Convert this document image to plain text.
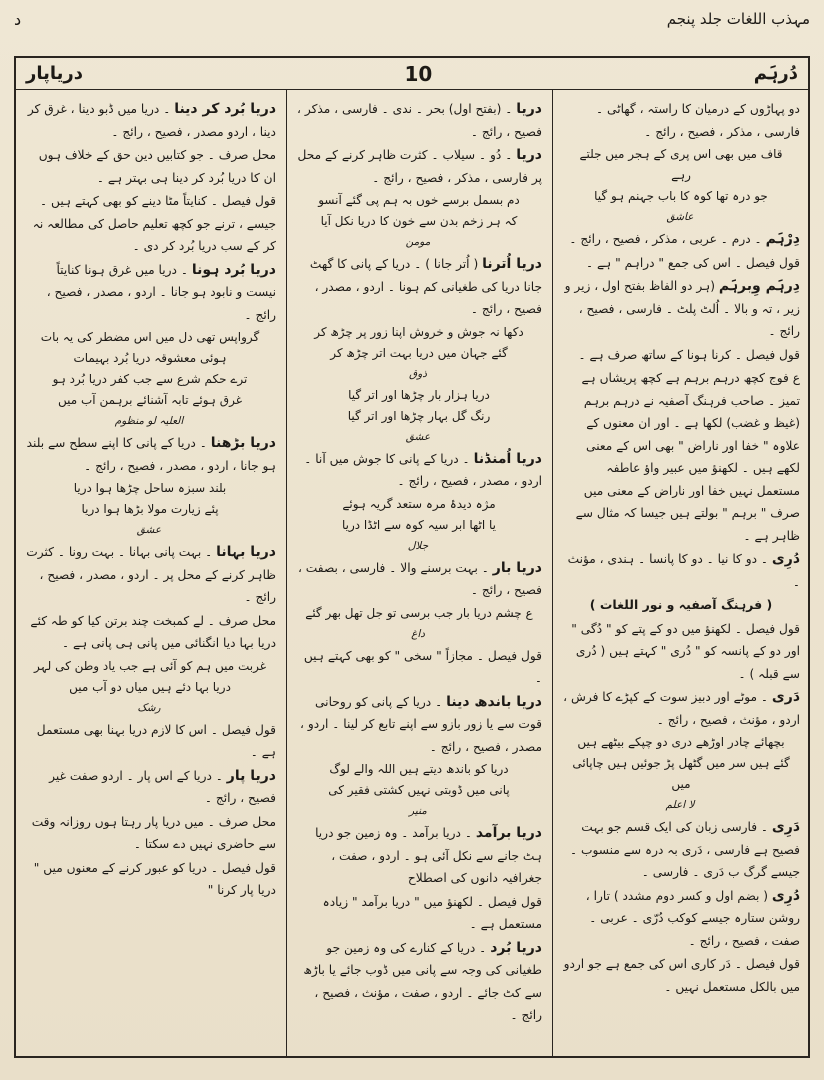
مہذب اللغات جلد پنجم
د
دُرہَم
10
دریاپار
دو پہاڑوں کے درمیان کا راستہ ، گھاٹی ۔ فارسی ، مذکر ، فصیح ، رائج ۔
قاف میں بھی اس پری کے ہجر میں جلتے رہے
جو درہ تھا کوہ کا باب جہنم ہو گیا
عاشق
دِرْہَم ۔ درم ۔ عربی ، مذکر ، فصیح ، رائج ۔
قول فیصل ۔ اس کی جمع " دراہم " ہے ۔
دِرہَم وِبرہَم (ہر دو الفاظ بفتح اول ، زیر و زیر ، تہ و بالا ۔ اُلٹ پلٹ ۔ فارسی ، فصیح ، رائج ۔
قول فیصل ۔ کرنا ہونا کے ساتھ صرف ہے ۔
ع فوج کچھ درہم برہم ہے کچھ پریشاں ہے تمیز ۔ صاحب فرہنگ آصفیہ نے درہم برہم (غیظ و غضب) لکھا ہے ۔ اور ان معنوں کے علاوہ " خفا اور ناراض " بھی اس کے معنی لکھے ہیں ۔ لکھنؤ میں عبیر واؤ عاطفہ مستعمل نہیں خفا اور ناراض کے معنی میں صرف " برہم " بولتے ہیں جیسا کہ مثال سے ظاہر ہے ۔
دُرِی ۔ دو کا نیا ۔ دو کا پانسا ۔ ہندی ، مؤنث ۔
( فرہنگ آصفیہ و نور اللغات )
قول فیصل ۔ لکھنؤ میں دو کے پتے کو " دُگی " اور دو کے پانسہ کو " دُری " کہتے ہیں ( دُری سے قبلہ ) ۔
دَری ۔ موٹے اور دبیز سوت کے کپڑے کا فرش ، اردو ، مؤنث ، فصیح ، رائج ۔
بچھائے چادر اوڑھے دری دو چپکے بیٹھے ہیں
گئے ہیں سر میں گٹھل پڑ جوئیں ہیں چاپائی میں
لا اعلم
دَرِی ۔ فارسی زبان کی ایک قسم جو بہت فصیح ہے فارسی ، دَری بہ درہ سے منسوب ۔ جیسے گرگ ب دَری ۔ فارسی ۔
دُرِی ( بضم اول و کسر دوم مشدد ) تارا ، روشن ستارہ جیسے کوکب دُرّی ۔ عربی ۔ صفت ، فصیح ، رائج ۔
قول فیصل ۔ دَر کاری اس کی جمع ہے جو اردو میں بالکل مستعمل نہیں ۔
دریا ۔ (بفتح اول) بحر ۔ ندی ۔ فارسی ، مذکر ، فصیح ، رائج ۔
دریا ۔ دُو ۔ سیلاب ۔ کثرت ظاہر کرنے کے محل پر فارسی ، مذکر ، فصیح ، رائج ۔
دم بسمل برسے خوں بہ ہم پی گئے آنسو
کہ ہر زخم بدن سے خون کا دریا نکل آیا
مومن
دریا اُترنا ( اُتر جانا ) ۔ دریا کے پانی کا گھٹ جانا دریا کی طغیانی کم ہونا ۔ اردو ، مصدر ، فصیح ، رائج ۔
دکھا نہ جوش و خروش اپنا زور پر چڑھ کر
گئے جہان میں دریا بہت اتر چڑھ کر
ذوق
دریا ہزار بار چڑھا اور اتر گیا
رنگ گل بہار چڑھا اور اتر گیا
عشق
دریا اُمنڈنا ۔ دریا کے پانی کا جوش میں آنا ۔ اردو ، مصدر ، فصیح ، رائج ۔
مژہ دیدۂ مرہ ستعد گریہ ہوئے
یا اٹھا ابر سیہ کوہ سے اٹڈا دریا
جلال
دریا بار ۔ بہت برسنے والا ۔ فارسی ، بصفت ، فصیح ، رائج ۔
ع چشم دریا بار جب برسی تو جل تھل بھر گئے
داغ
قول فیصل ۔ مجازاً " سخی " کو بھی کہتے ہیں ۔
دریا باندھ دینا ۔ دریا کے پانی کو روحانی قوت سے یا زور بازو سے اپنے تابع کر لینا ۔ اردو ، مصدر ، فصیح ، رائج ۔
دریا کو باندھ دیتے ہیں اللہ والے لوگ
پانی میں ڈوبتی نہیں کشتی فقیر کی
منیر
دریا برآمد ۔ دریا برآمد ۔ وہ زمین جو دریا ہٹ جانے سے نکل آئی ہو ۔ اردو ، صفت ، جغرافیہ دانوں کی اصطلاح
قول فیصل ۔ لکھنؤ میں " دریا برآمد " زیادہ مستعمل ہے ۔
دریا بُرد ۔ دریا کے کنارے کی وہ زمین جو طغیانی کی وجہ سے پانی میں ڈوب جائے یا باڑھ سے کٹ جائے ۔ اردو ، صفت ، مؤنث ، فصیح ، رائج ۔
دریا بُرد کر دینا ۔ دریا میں ڈبو دینا ، غرق کر دینا ، اردو مصدر ، فصیح ، رائج ۔
محل صرف ۔ جو کتابیں دین حق کے خلاف ہوں ان کا دریا بُرد کر دینا ہی بہتر ہے ۔
قول فیصل ۔ کنایتاً مٹا دینے کو بھی کہتے ہیں ۔ جیسے ، ترنے جو کچھ تعلیم حاصل کی مطالعہ نہ کر کے سب دریا بُرد کر دی ۔
دریا بُرد ہونا ۔ دریا میں غرق ہونا کنایتاً نیست و نابود ہو جانا ۔ اردو ، مصدر ، فصیح ، رائج ۔
گرواپس تھی دل میں اس مضطر کی یہ بات
ہوئی معشوقہ دریا بُرد بہیمات
ترے حکم شرع سے جب کفر دریا بُرد ہو
غرق ہوئے تابہ آشنائے برہمن آب میں
العلیہ لو منظوم
دریا بڑھنا ۔ دریا کے پانی کا اپنے سطح سے بلند ہو جانا ، اردو ، مصدر ، فصیح ، رائج ۔
بلند سبزہ ساحل چڑھا ہوا دریا
پئے زیارت مولا بڑھا ہوا دریا
عشق
دریا بہانا ۔ بہت پانی بہانا ۔ بہت رونا ۔ کثرت ظاہر کرنے کے محل پر ۔ اردو ، مصدر ، فصیح ، رائج ۔
محل صرف ۔ لے کمبخت چند برتن کیا کو طہ کئے دریا بہا دیا انگنائی میں پانی ہی پانی ہے ۔
غربت میں ہم کو آئی ہے جب یاد وطن کی لہر
دریا بہا دئے ہیں میاں دو آب میں
رشک
قول فیصل ۔ اس کا لازم دریا بہنا بھی مستعمل ہے ۔
دریا پار ۔ دریا کے اس پار ۔ اردو صفت غیر فصیح ، رائج ۔
محل صرف ۔ میں دریا پار رہتا ہوں روزانہ وقت سے حاضری نہیں دے سکتا ۔
قول فیصل ۔ دریا کو عبور کرنے کے معنوں میں " دریا پار کرنا "
